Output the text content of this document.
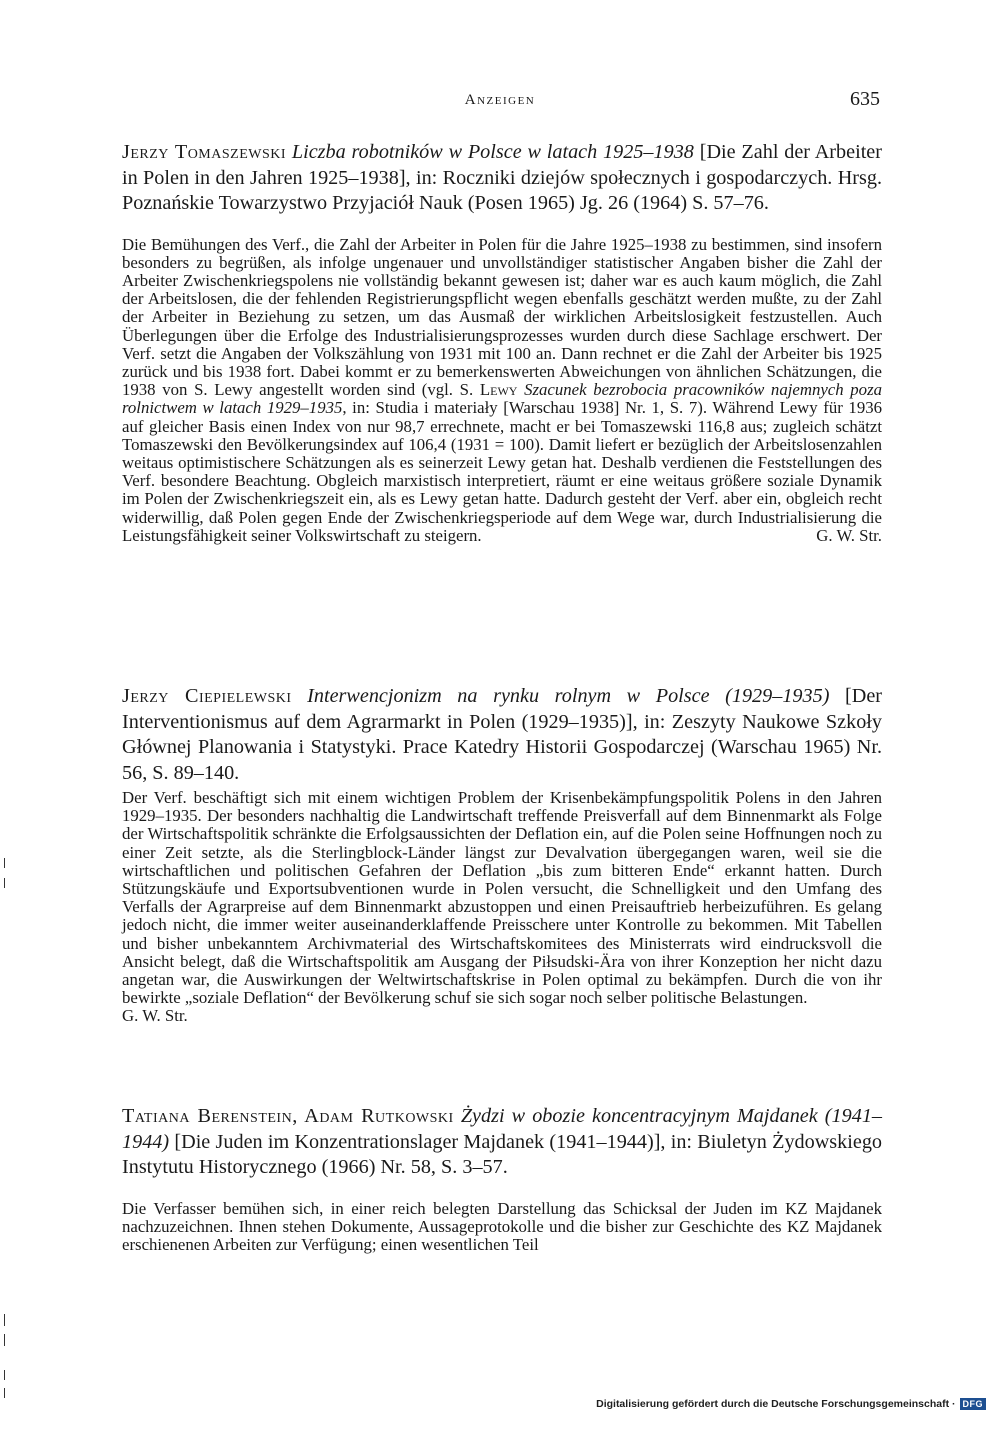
Anzeigen	635
Jerzy Tomaszewski Liczba robotników w Polsce w latach 1925–1938 [Die Zahl der Arbeiter in Polen in den Jahren 1925–1938], in: Roczniki dziejów społecznych i gospodarczych. Hrsg. Poznańskie Towarzystwo Przyjaciół Nauk (Posen 1965) Jg. 26 (1964) S. 57–76.
Die Bemühungen des Verf., die Zahl der Arbeiter in Polen für die Jahre 1925–1938 zu bestimmen, sind insofern besonders zu begrüßen, als infolge ungenauer und unvollständiger statistischer Angaben bisher die Zahl der Arbeiter Zwischenkriegspolens nie vollständig bekannt gewesen ist; daher war es auch kaum möglich, die Zahl der Arbeitslosen, die der fehlenden Registrierungspflicht wegen ebenfalls geschätzt werden mußte, zu der Zahl der Arbeiter in Beziehung zu setzen, um das Ausmaß der wirklichen Arbeitslosigkeit festzustellen. Auch Überlegungen über die Erfolge des Industrialisierungsprozesses wurden durch diese Sachlage erschwert. Der Verf. setzt die Angaben der Volkszählung von 1931 mit 100 an. Dann rechnet er die Zahl der Arbeiter bis 1925 zurück und bis 1938 fort. Dabei kommt er zu bemerkenswerten Abweichungen von ähnlichen Schätzungen, die 1938 von S. Lewy angestellt worden sind (vgl. S. Lewy Szacunek bezrobocia pracowników najemnych poza rolnictwem w latach 1929–1935, in: Studia i materiały [Warschau 1938] Nr. 1, S. 7). Während Lewy für 1936 auf gleicher Basis einen Index von nur 98,7 errechnete, macht er bei Tomaszewski 116,8 aus; zugleich schätzt Tomaszewski den Bevölkerungsindex auf 106,4 (1931 = 100). Damit liefert er bezüglich der Arbeitslosenzahlen weitaus optimistischere Schätzungen als es seinerzeit Lewy getan hat. Deshalb verdienen die Feststellungen des Verf. besondere Beachtung. Obgleich marxistisch interpretiert, räumt er eine weitaus größere soziale Dynamik im Polen der Zwischenkriegszeit ein, als es Lewy getan hatte. Dadurch gesteht der Verf. aber ein, obgleich recht widerwillig, daß Polen gegen Ende der Zwischenkriegsperiode auf dem Wege war, durch Industrialisierung die Leistungsfähigkeit seiner Volkswirtschaft zu steigern.	G. W. Str.
Jerzy Ciepielewski Interwencjonizm na rynku rolnym w Polsce (1929–1935) [Der Interventionismus auf dem Agrarmarkt in Polen (1929–1935)], in: Zeszyty Naukowe Szkoły Głównej Planowania i Statystyki. Prace Katedry Historii Gospodarczej (Warschau 1965) Nr. 56, S. 89–140.
Der Verf. beschäftigt sich mit einem wichtigen Problem der Krisenbekämpfungspolitik Polens in den Jahren 1929–1935. Der besonders nachhaltig die Landwirtschaft treffende Preisverfall auf dem Binnenmarkt als Folge der Wirtschaftspolitik schränkte die Erfolgsaussichten der Deflation ein, auf die Polen seine Hoffnungen noch zu einer Zeit setzte, als die Sterlingblock-Länder längst zur Devalvation übergegangen waren, weil sie die wirtschaftlichen und politischen Gefahren der Deflation „bis zum bitteren Ende“ erkannt hatten. Durch Stützungskäufe und Exportsubventionen wurde in Polen versucht, die Schnelligkeit und den Umfang des Verfalls der Agrarpreise auf dem Binnenmarkt abzustoppen und einen Preisauftrieb herbeizuführen. Es gelang jedoch nicht, die immer weiter auseinanderklaffende Preisschere unter Kontrolle zu bekommen. Mit Tabellen und bisher unbekanntem Archivmaterial des Wirtschaftskomitees des Ministerrats wird eindrucksvoll die Ansicht belegt, daß die Wirtschaftspolitik am Ausgang der Piłsudski-Ära von ihrer Konzeption her nicht dazu angetan war, die Auswirkungen der Weltwirtschaftskrise in Polen optimal zu bekämpfen. Durch die von ihr bewirkte „soziale Deflation“ der Bevölkerung schuf sie sich sogar noch selber politische Belastungen.
G. W. Str.
Tatiana Berenstein, Adam Rutkowski Żydzi w obozie koncentracyjnym Majdanek (1941–1944) [Die Juden im Konzentrationslager Majdanek (1941–1944)], in: Biuletyn Żydowskiego Instytutu Historycznego (1966) Nr. 58, S. 3–57.
Die Verfasser bemühen sich, in einer reich belegten Darstellung das Schicksal der Juden im KZ Majdanek nachzuzeichnen. Ihnen stehen Dokumente, Aussageprotokolle und die bisher zur Geschichte des KZ Majdanek erschienenen Arbeiten zur Verfügung; einen wesentlichen Teil
Digitalisierung gefördert durch die Deutsche Forschungsgemeinschaft · DFG
